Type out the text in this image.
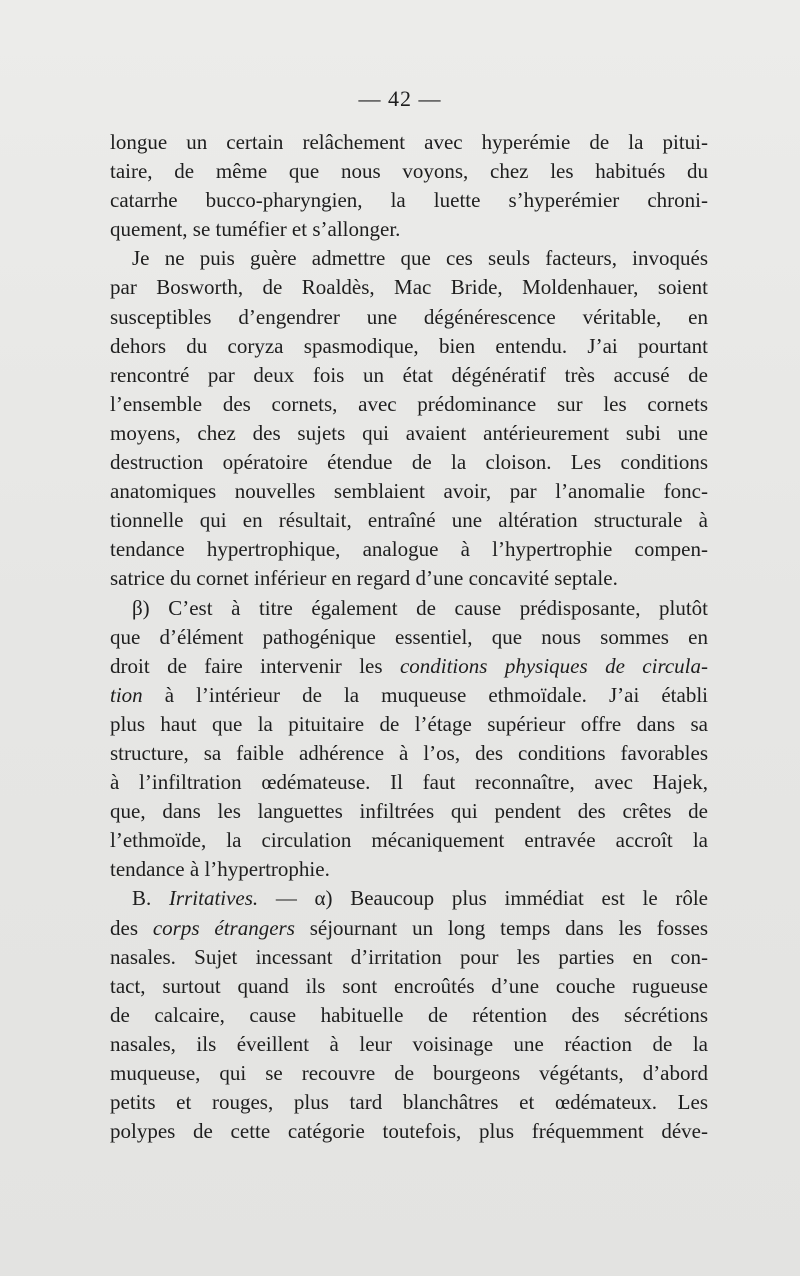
— 42 —

longue un certain relâchement avec hyperémie de la pitui-
taire, de même que nous voyons, chez les habitués du
catarrhe bucco-pharyngien, la luette s’hyperémier chroni-
quement, se tuméfier et s’allonger.

Je ne puis guère admettre que ces seuls facteurs, invoqués
par Bosworth, de Roaldès, Mac Bride, Moldenhauer, soient
susceptibles d’engendrer une dégénérescence véritable, en
dehors du coryza spasmodique, bien entendu. J’ai pourtant
rencontré par deux fois un état dégénératif très accusé de
l’ensemble des cornets, avec prédominance sur les cornets
moyens, chez des sujets qui avaient antérieurement subi une
destruction opératoire étendue de la cloison. Les conditions
anatomiques nouvelles semblaient avoir, par l’anomalie fonc-
tionnelle qui en résultait, entraîné une altération structurale à
tendance hypertrophique, analogue à l’hypertrophie compen-
satrice du cornet inférieur en regard d’une concavité septale.

β) C’est à titre également de cause prédisposante, plutôt
que d’élément pathogénique essentiel, que nous sommes en
droit de faire intervenir les conditions physiques de circula-
tion à l’intérieur de la muqueuse ethmoïdale. J’ai établi
plus haut que la pituitaire de l’étage supérieur offre dans sa
structure, sa faible adhérence à l’os, des conditions favorables
à l’infiltration œdémateuse. Il faut reconnaître, avec Hajek,
que, dans les languettes infiltrées qui pendent des crêtes de
l’ethmoïde, la circulation mécaniquement entravée accroît la
tendance à l’hypertrophie.

B. Irritatives. — α) Beaucoup plus immédiat est le rôle
des corps étrangers séjournant un long temps dans les fosses
nasales. Sujet incessant d’irritation pour les parties en con-
tact, surtout quand ils sont encroûtés d’une couche rugueuse
de calcaire, cause habituelle de rétention des sécrétions
nasales, ils éveillent à leur voisinage une réaction de la
muqueuse, qui se recouvre de bourgeons végétants, d’abord
petits et rouges, plus tard blanchâtres et œdémateux. Les
polypes de cette catégorie toutefois, plus fréquemment déve-
